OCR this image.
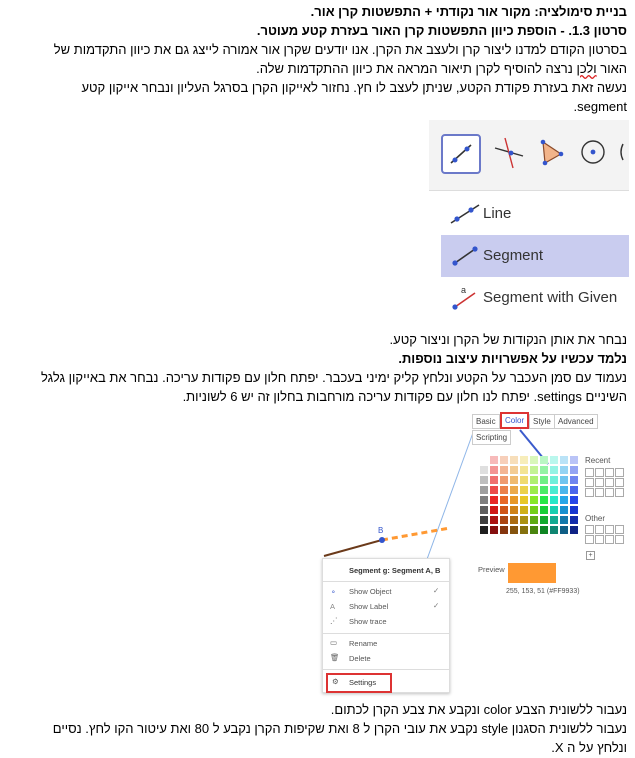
בניית סימולציה: מקור אור נקודתי + התפשטות קרן אור.
סרטון 1.3. - הוספת כיוון התפשטות קרן האור בעזרת קטע מעוטר.
בסרטון הקודם למדנו ליצור קרן ולעצב את הקרן. אנו יודעים שקרן אור אמורה לייצג גם את כיוון התקדמות של
האור ולכן נרצה להוסיף לקרן תיאור המראה את כיוון ההתקדמות שלה.
נעשה זאת בעזרת פקודת הקטע, שניתן לעצב לו חץ. נחזור לאייקון הקרן בסרגל העליון ונבחר אייקון קטע
segment.
Line
Segment
a Segment with Given
נבחר את אותן הנקודות של הקרן וניצור קטע.
נלמד עכשיו על אפשרויות עיצוב נוספות.
נעמוד עם סמן העכבר על הקטע ונלחץ קליק ימיני בעכבר. יפתח חלון עם פקודות עריכה. נבחר את באייקון גלגל
השיניים settings. יפתח לנו חלון עם פקודות עריכה מורחבות בחלון זה יש 6 לשוניות.
B
Basic	Color	Style Advanced
Scripting
Recent
Other
+
Preview
255, 153, 51 (#FF9933)
Segment g: Segment A, B
Show Object
∘	✓
Show Label
A	✓
Show trace
⋰
Rename
▭
Delete
🗑
⚙ Settings
נעבור ללשונית הצבע color ונקבע את צבע הקרן לכתום.
נעבור ללשונית הסגנון style נקבע את עובי הקרן ל 8 ואת שקיפות הקרן נקבע ל 80 ואת עיטור הקו לחץ. נסיים
ונלחץ על ה X.
